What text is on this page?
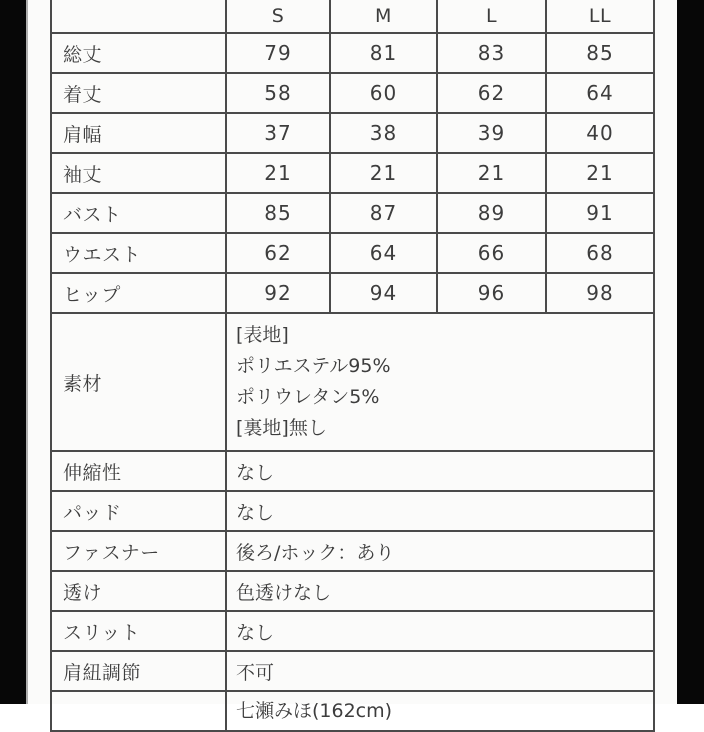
	S	M	L	LL
総丈	79	81	83	85
着丈	58	60	62	64
肩幅	37	38	39	40
袖丈	21	21	21	21
バスト	85	87	89	91
ウエスト	62	64	66	68
ヒップ	92	94	96	98
素材	[表地]
ポリエステル95%
ポリウレタン5%
[裏地]無し			

伸縮性	なし			
パッド	なし			
ファスナー	後ろ/ホック：あり			
透け	色透けなし			
スリット	なし			
肩紐調節	不可			
	七瀬みほ(162cm)			
